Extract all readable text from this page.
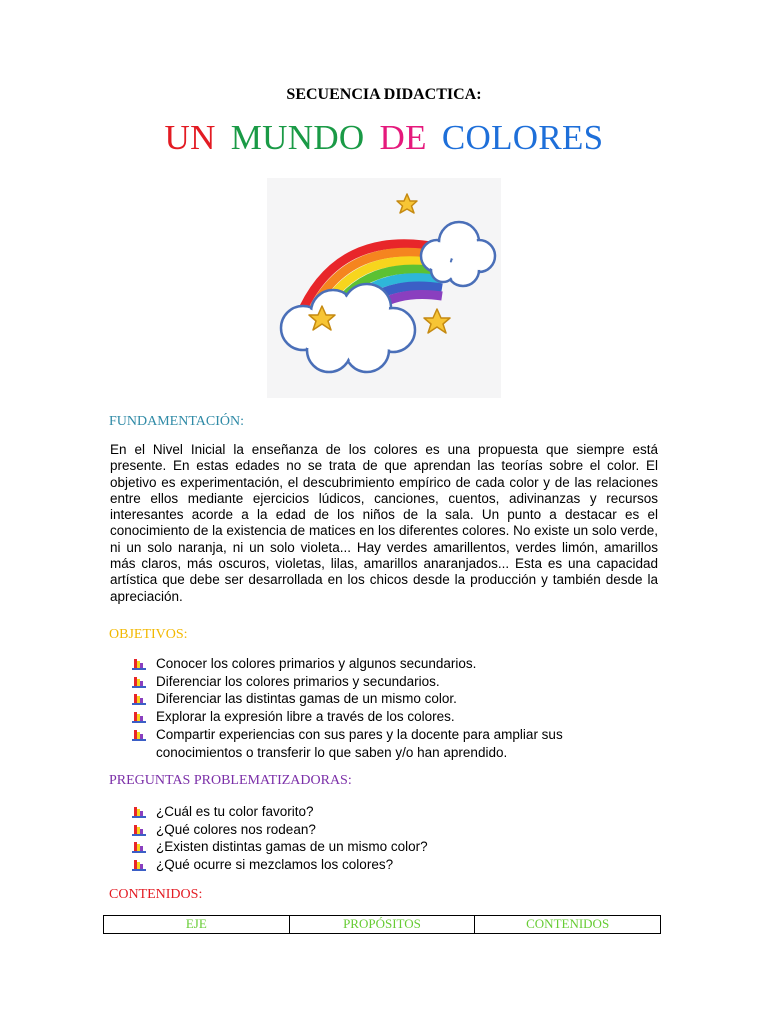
SECUENCIA DIDACTICA:
UN MUNDO DE COLORES
FUNDAMENTACIÓN:

En el Nivel Inicial la enseñanza de los colores es una propuesta que siempre está presente. En estas edades no se trata de que aprendan las teorías sobre el color. El objetivo es experimentación, el descubrimiento empírico de cada color y de las relaciones entre ellos mediante ejercicios lúdicos, canciones, cuentos, adivinanzas y recursos interesantes acorde a la edad de los niños de la sala. Un punto a destacar es el conocimiento de la existencia de matices en los diferentes colores. No existe un solo verde, ni un solo naranja, ni un solo violeta... Hay verdes amarillentos, verdes limón, amarillos más claros, más oscuros, violetas, lilas, amarillos anaranjados... Esta es una capacidad artística que debe ser desarrollada en los chicos desde la producción y también desde la apreciación.

OBJETIVOS:
Conocer los colores primarios y algunos secundarios.
Diferenciar los colores primarios y secundarios.
Diferenciar las distintas gamas de un mismo color.
Explorar la expresión libre a través de los colores.
Compartir experiencias con sus pares y la docente para ampliar sus conocimientos o transferir lo que saben y/o han aprendido.
PREGUNTAS PROBLEMATIZADORAS:
¿Cuál es tu color favorito?
¿Qué colores nos rodean?
¿Existen distintas gamas de un mismo color?
¿Qué ocurre si mezclamos los colores?
CONTENIDOS:
EJE	PROPÓSITOS	CONTENIDOS
